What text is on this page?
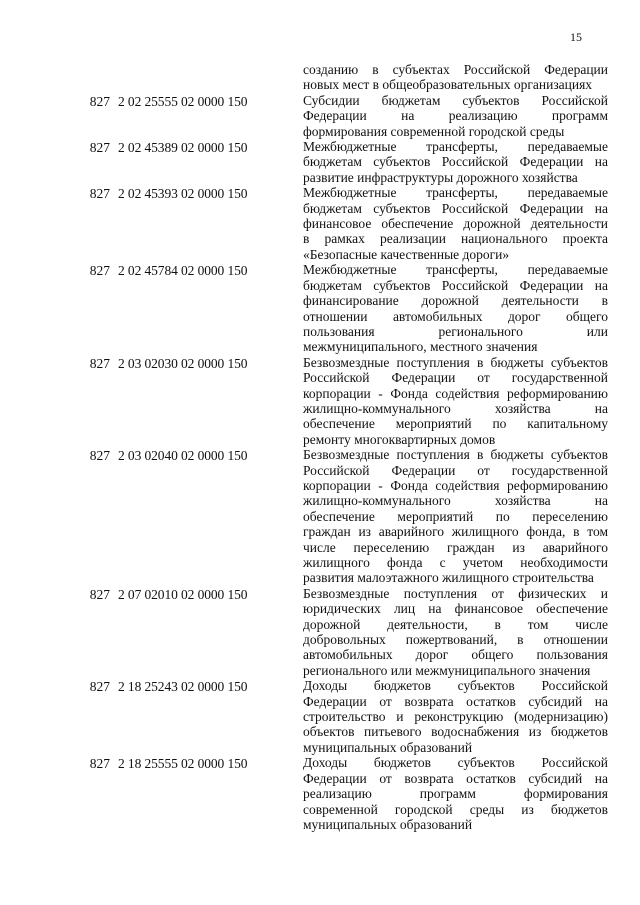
15
созданию в субъектах Российской Федерации
новых мест в общеобразовательных организациях
827 2 02 25555 02 0000 150	Субсидии бюджетам субъектов Российской
Федерации на реализацию программ
формирования современной городской среды
827 2 02 45389 02 0000 150	Межбюджетные трансферты, передаваемые
бюджетам субъектов Российской Федерации на
развитие инфраструктуры дорожного хозяйства
827 2 02 45393 02 0000 150	Межбюджетные трансферты, передаваемые
бюджетам субъектов Российской Федерации на
финансовое обеспечение дорожной деятельности
в рамках реализации национального проекта
«Безопасные качественные дороги»
827 2 02 45784 02 0000 150	Межбюджетные трансферты, передаваемые
бюджетам субъектов Российской Федерации на
финансирование дорожной деятельности в
отношении автомобильных дорог общего
пользования регионального или
межмуниципального, местного значения
827 2 03 02030 02 0000 150	Безвозмездные поступления в бюджеты субъектов
Российской Федерации от государственной
корпорации - Фонда содействия реформированию
жилищно-коммунального хозяйства на
обеспечение мероприятий по капитальному
ремонту многоквартирных домов
827 2 03 02040 02 0000 150	Безвозмездные поступления в бюджеты субъектов
Российской Федерации от государственной
корпорации - Фонда содействия реформированию
жилищно-коммунального хозяйства на
обеспечение мероприятий по переселению
граждан из аварийного жилищного фонда, в том
числе переселению граждан из аварийного
жилищного фонда с учетом необходимости
развития малоэтажного жилищного строительства
827 2 07 02010 02 0000 150	Безвозмездные поступления от физических и
юридических лиц на финансовое обеспечение
дорожной деятельности, в том числе
добровольных пожертвований, в отношении
автомобильных дорог общего пользования
регионального или межмуниципального значения
827 2 18 25243 02 0000 150	Доходы бюджетов субъектов Российской
Федерации от возврата остатков субсидий на
строительство и реконструкцию (модернизацию)
объектов питьевого водоснабжения из бюджетов
муниципальных образований
827 2 18 25555 02 0000 150	Доходы бюджетов субъектов Российской
Федерации от возврата остатков субсидий на
реализацию программ формирования
современной городской среды из бюджетов
муниципальных образований
